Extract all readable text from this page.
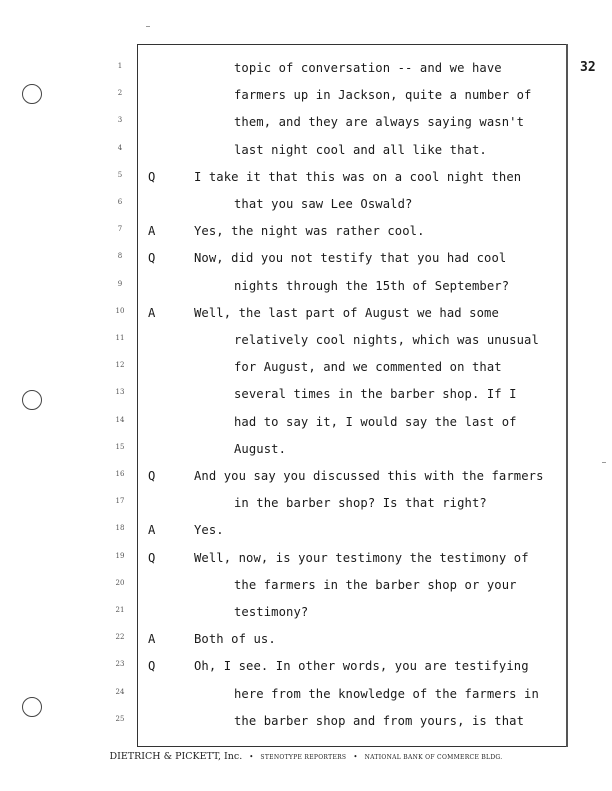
32
1
2
3
4
5
6
7
8
9
10
11
12
13
14
15
16
17
18
19
20
21
22
23
24
25
topic of conversation -- and we have
farmers up in Jackson, quite a number of
them, and they are always saying wasn't
last night cool and all like that.
Q	I take it that this was on a cool night then
that you saw Lee Oswald?
A	Yes, the night was rather cool.
Q	Now, did you not testify that you had cool
nights through the 15th of September?
A	Well, the last part of August we had some
relatively cool nights, which was unusual
for August, and we commented on that
several times in the barber shop. If I
had to say it, I would say the last of
August.
Q	And you say you discussed this with the farmers
in the barber shop? Is that right?
A	Yes.
Q	Well, now, is your testimony the testimony of
the farmers in the barber shop or your
testimony?
A	Both of us.
Q	Oh, I see. In other words, you are testifying
here from the knowledge of the farmers in
the barber shop and from yours, is that
DIETRICH & PICKETT, Inc. • STENOTYPE REPORTERS • NATIONAL BANK OF COMMERCE BLDG.
